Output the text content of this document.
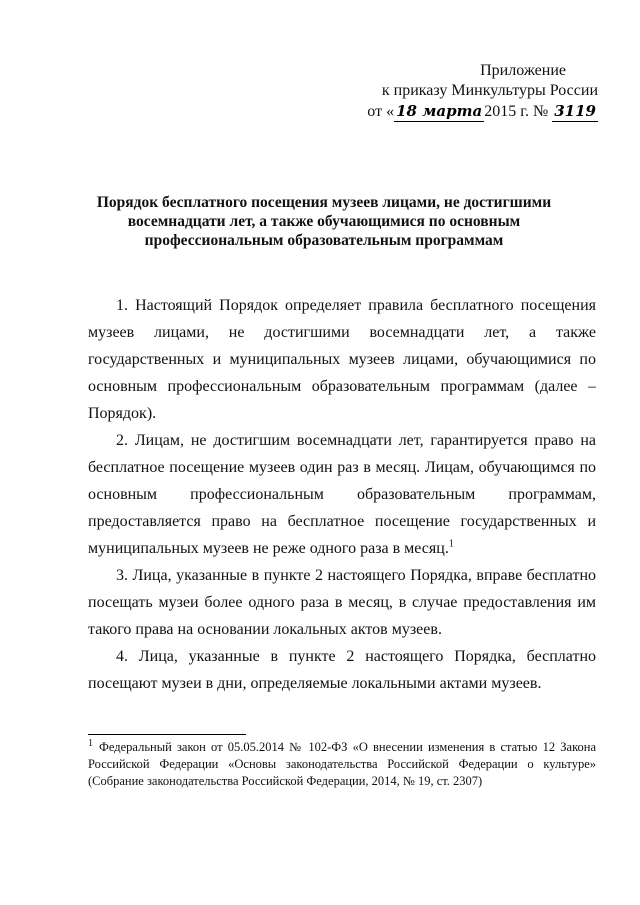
Приложение
к приказу Минкультуры России
от « 18 марта 2015 г. № 3119
Порядок бесплатного посещения музеев лицами, не достигшими
восемнадцати лет, а также обучающимися по основным
профессиональным образовательным программам

1. Настоящий Порядок определяет правила бесплатного посещения музеев лицами, не достигшими восемнадцати лет, а также государственных и муниципальных музеев лицами, обучающимися по основным профессиональным образовательным программам (далее – Порядок).

2. Лицам, не достигшим восемнадцати лет, гарантируется право на бесплатное посещение музеев один раз в месяц. Лицам, обучающимся по основным профессиональным образовательным программам, предоставляется право на бесплатное посещение государственных и муниципальных музеев не реже одного раза в месяц.$^1$

3. Лица, указанные в пункте 2 настоящего Порядка, вправе бесплатно посещать музеи более одного раза в месяц, в случае предоставления им такого права на основании локальных актов музеев.

4. Лица, указанные в пункте 2 настоящего Порядка, бесплатно посещают музеи в дни, определяемые локальными актами музеев.

$^1$ Федеральный закон от 05.05.2014 № 102-ФЗ «О внесении изменения в статью 12 Закона Российской Федерации «Основы законодательства Российской Федерации о культуре» (Собрание законодательства Российской Федерации, 2014, № 19, ст. 2307)
